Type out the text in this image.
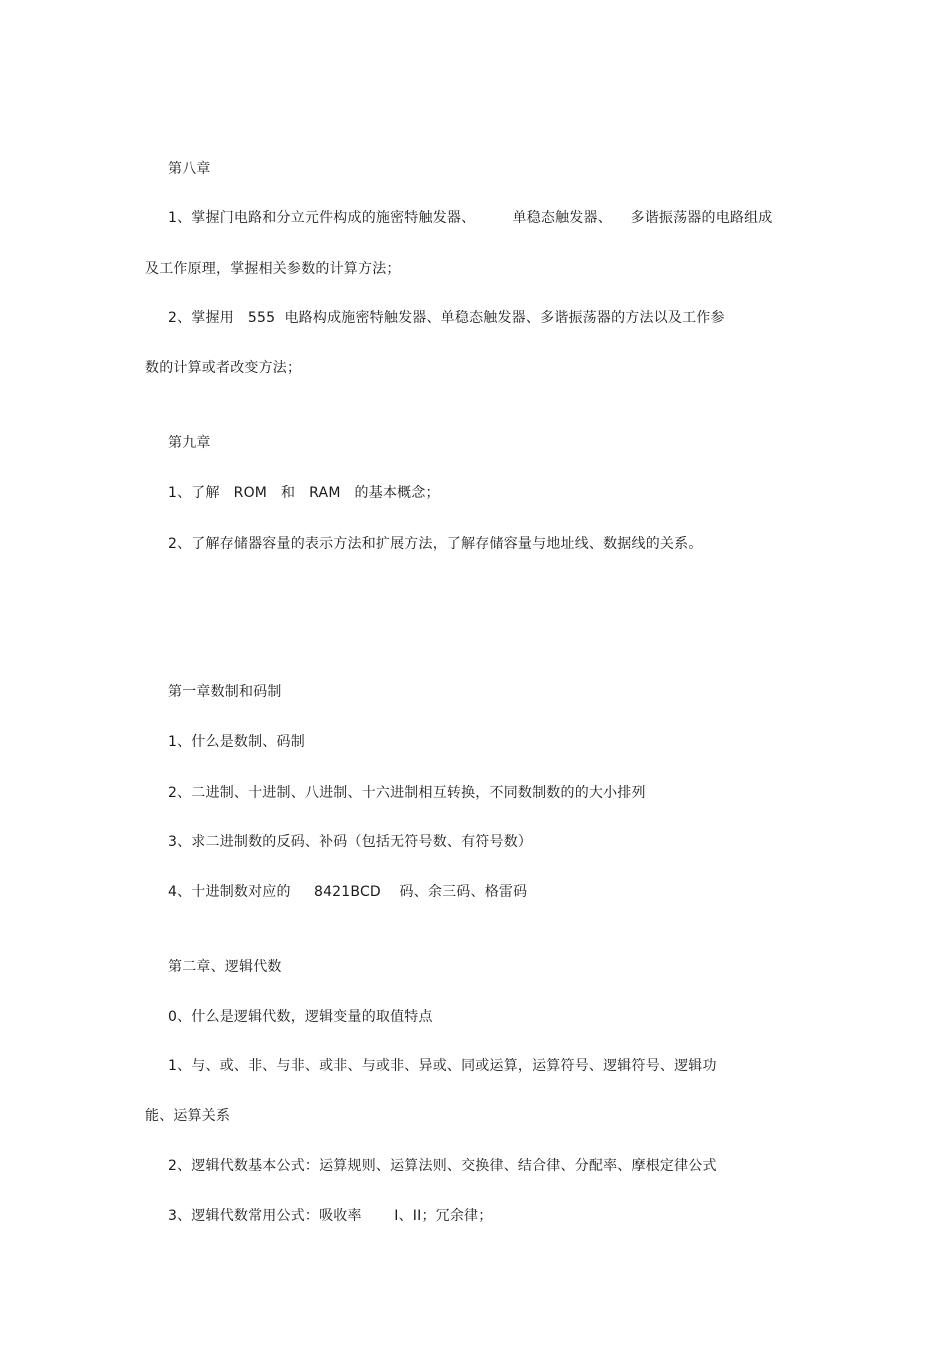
第八章
1、掌握门电路和分立元件构成的施密特触发器、        单稳态触发器、    多谐振荡器的电路组成
及工作原理，掌握相关参数的计算方法；
2、掌握用   555  电路构成施密特触发器、单稳态触发器、多谐振荡器的方法以及工作参
数的计算或者改变方法；
第九章
1、了解   ROM   和   RAM   的基本概念；
2、了解存储器容量的表示方法和扩展方法，了解存储容量与地址线、数据线的关系。
第一章数制和码制
1、什么是数制、码制
2、二进制、十进制、八进制、十六进制相互转换，不同数制数的的大小排列
3、求二进制数的反码、补码（包括无符号数、有符号数）
4、十进制数对应的     8421BCD    码、余三码、格雷码
第二章、逻辑代数
0、什么是逻辑代数，逻辑变量的取值特点
1、与、或、非、与非、或非、与或非、异或、同或运算，运算符号、逻辑符号、逻辑功
能、运算关系
2、逻辑代数基本公式：运算规则、运算法则、交换律、结合律、分配率、摩根定律公式
3、逻辑代数常用公式：吸收率       I、II；冗余律；
